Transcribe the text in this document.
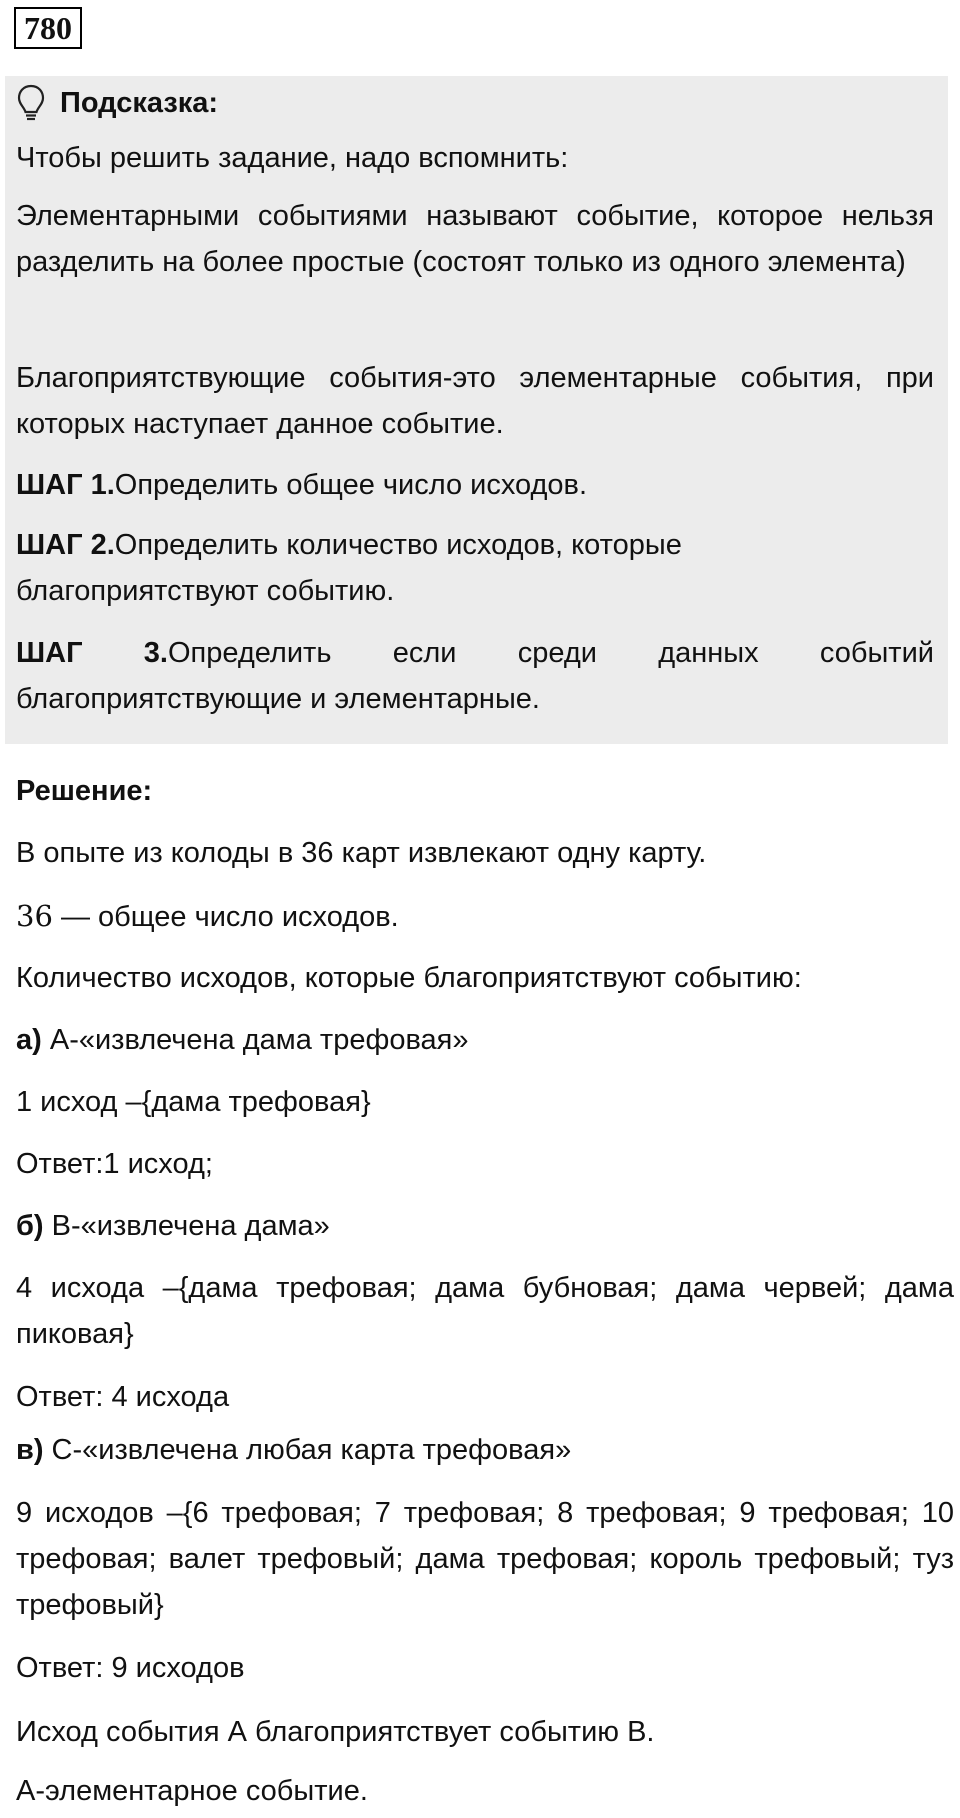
780
Подсказка:
Чтобы решить задание, надо вспомнить:
Элементарными событиями называют событие, которое нельзя разделить на более простые (состоят только из одного элемента)
Благоприятствующие события-это элементарные события, при которых наступает данное событие.
ШАГ 1.Определить общее число исходов.
ШАГ 2.Определить количество исходов, которые благоприятствуют событию.
ШАГ 3.Определить если среди данных событий благоприятствующие и элементарные.
Решение:
В опыте из колоды в 36 карт извлекают одну карту.
36 — общее число исходов.
Количество исходов, которые благоприятствуют событию:
а) А-«извлечена дама трефовая»
1 исход –{дама трефовая}
Ответ:1 исход;
б) В-«извлечена дама»
4 исхода –{дама трефовая; дама бубновая; дама червей; дама пиковая}
Ответ: 4 исхода
в) С-«извлечена любая карта трефовая»
9 исходов –{6 трефовая; 7 трефовая; 8 трефовая; 9 трефовая; 10 трефовая; валет трефовый; дама трефовая; король трефовый; туз трефовый}
Ответ: 9 исходов
Исход события А благоприятствует событию В.
А-элементарное событие.
